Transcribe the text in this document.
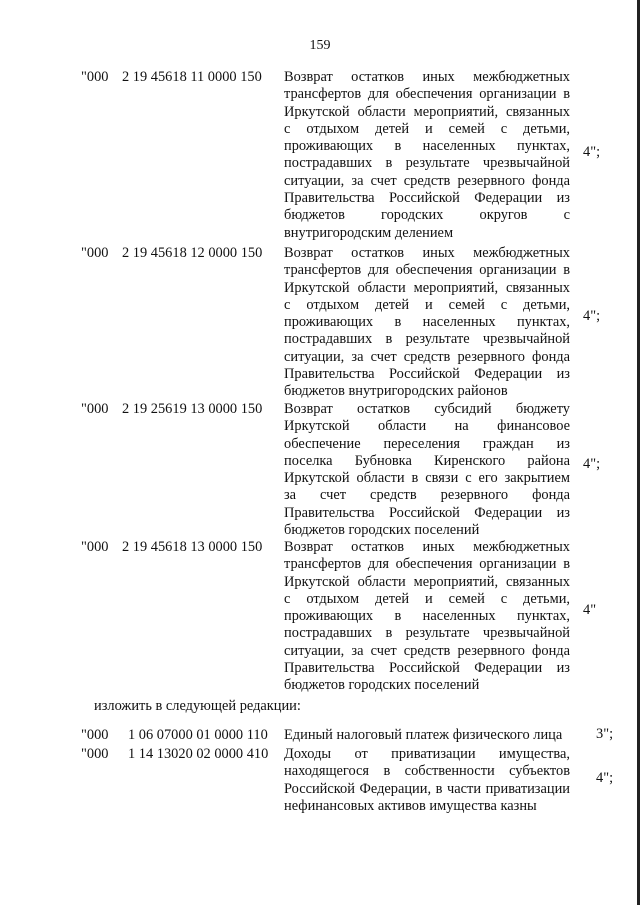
159
"000 2 19 45618 11 0000 150 Возврат остатков иных межбюджетных
трансфертов для обеспечения организации в
Иркутской области мероприятий, связанных
с отдыхом детей и семей с детьми,
проживающих в населенных пунктах,
пострадавших в результате чрезвычайной
ситуации, за счет средств резервного фонда
Правительства Российской Федерации из
бюджетов городских округов с
внутригородским делением
4";
"000 2 19 45618 12 0000 150 Возврат остатков иных межбюджетных
трансфертов для обеспечения организации в
Иркутской области мероприятий, связанных
с отдыхом детей и семей с детьми,
проживающих в населенных пунктах,
пострадавших в результате чрезвычайной
ситуации, за счет средств резервного фонда
Правительства Российской Федерации из
бюджетов внутригородских районов
4";
"000 2 19 25619 13 0000 150 Возврат остатков субсидий бюджету
Иркутской области на финансовое
обеспечение переселения граждан из
поселка Бубновка Киренского района
Иркутской области в связи с его закрытием
за счет средств резервного фонда
Правительства Российской Федерации из
бюджетов городских поселений
4";
"000 2 19 45618 13 0000 150 Возврат остатков иных межбюджетных
трансфертов для обеспечения организации в
Иркутской области мероприятий, связанных
с отдыхом детей и семей с детьми,
проживающих в населенных пунктах,
пострадавших в результате чрезвычайной
ситуации, за счет средств резервного фонда
Правительства Российской Федерации из
бюджетов городских поселений
4"
изложить в следующей редакции:
"000 1 06 07000 01 0000 110 Единый налоговый платеж физического лица	3";
"000 1 14 13020 02 0000 410 Доходы от приватизации имущества,
находящегося в собственности субъектов
Российской Федерации, в части приватизации
нефинансовых активов имущества казны
4";
